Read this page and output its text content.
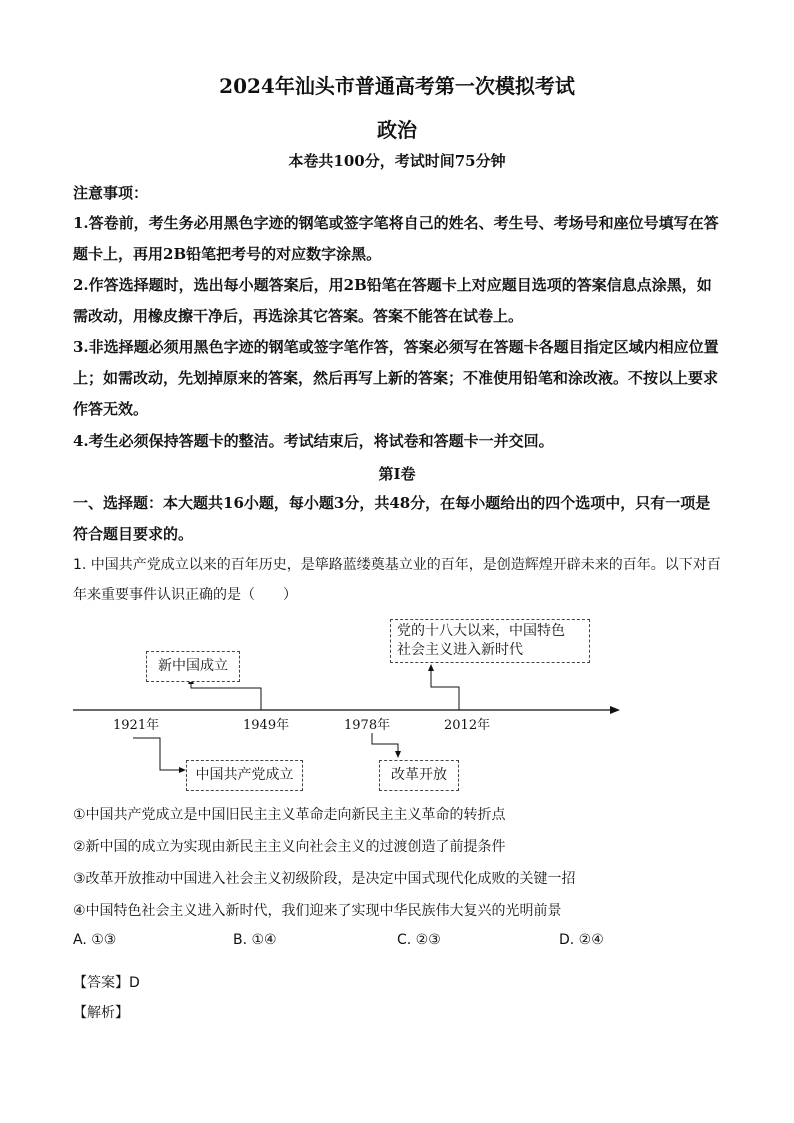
2024年汕头市普通高考第一次模拟考试
政治
本卷共100分，考试时间75分钟
注意事项：
1.答卷前，考生务必用黑色字迹的钢笔或签字笔将自己的姓名、考生号、考场号和座位号填写在答题卡上，再用2B铅笔把考号的对应数字涂黑。
2.作答选择题时，选出每小题答案后，用2B铅笔在答题卡上对应题目选项的答案信息点涂黑，如需改动，用橡皮擦干净后，再选涂其它答案。答案不能答在试卷上。
3.非选择题必须用黑色字迹的钢笔或签字笔作答，答案必须写在答题卡各题目指定区域内相应位置上；如需改动，先划掉原来的答案，然后再写上新的答案；不准使用铅笔和涂改液。不按以上要求作答无效。
4.考生必须保持答题卡的整洁。考试结束后，将试卷和答题卡一并交回。
第Ⅰ卷
一、选择题：本大题共16小题，每小题3分，共48分，在每小题给出的四个选项中，只有一项是符合题目要求的。
1. 中国共产党成立以来的百年历史，是筚路蓝缕奠基立业的百年，是创造辉煌开辟未来的百年。以下对百年来重要事件认识正确的是（　　）
新中国成立
党的十八大以来，中国特色
社会主义进入新时代
中国共产党成立	改革开放
1921年	1949年	1978年	2012年
①中国共产党成立是中国旧民主主义革命走向新民主主义革命的转折点
②新中国的成立为实现由新民主主义向社会主义的过渡创造了前提条件
③改革开放推动中国进入社会主义初级阶段，是决定中国式现代化成败的关键一招
④中国特色社会主义进入新时代，我们迎来了实现中华民族伟大复兴的光明前景
A. ①③	B. ①④	C. ②③	D. ②④
【答案】D
【解析】
